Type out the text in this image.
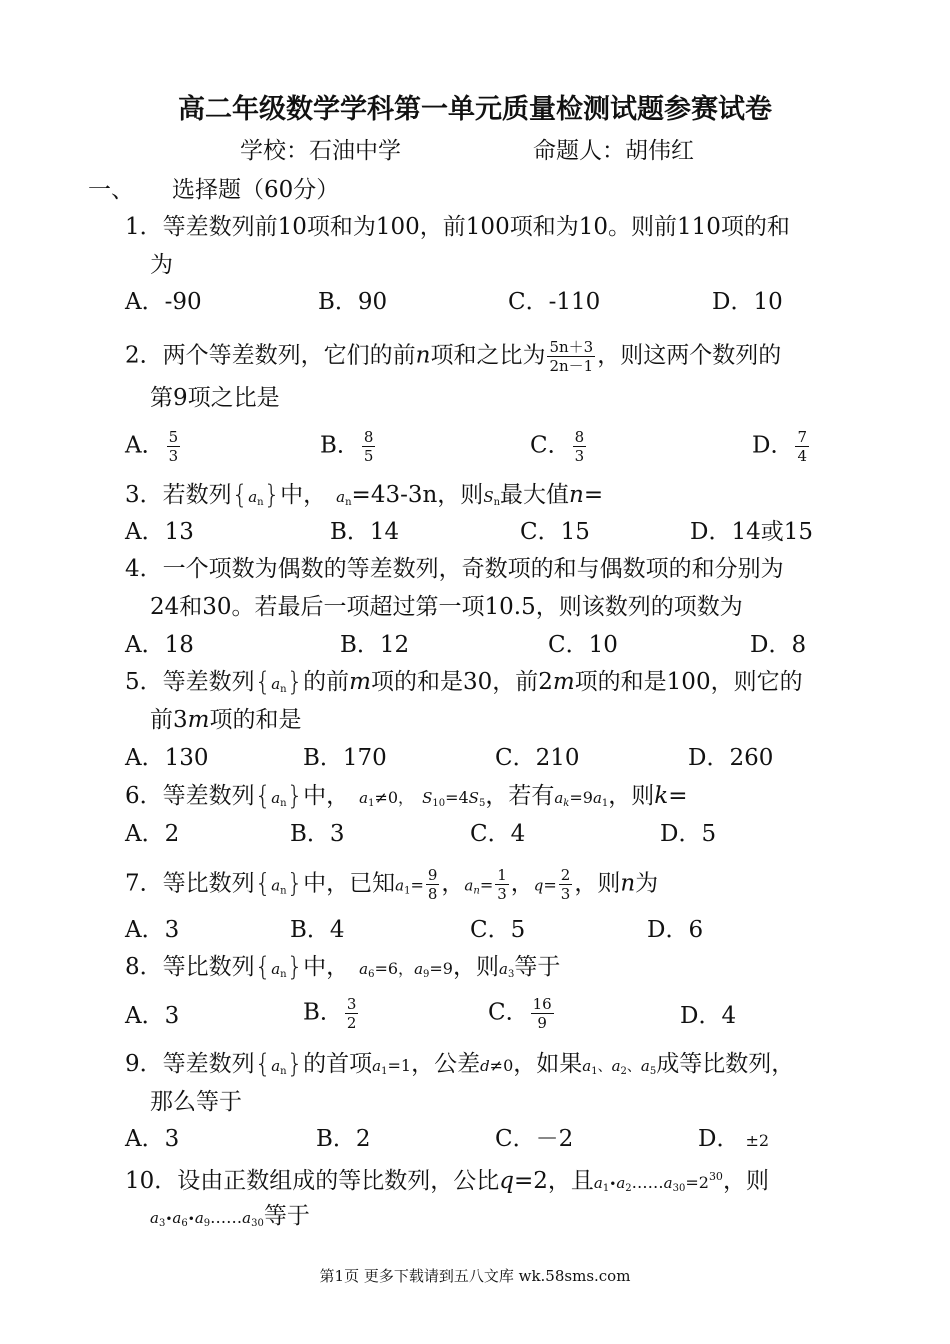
高二年级数学学科第一单元质量检测试题参赛试卷
学校：石油中学	命题人：胡伟红
一、 选择题（60分）
1．等差数列前10项和为100，前100项和为10。则前110项的和
为
A．-90	B．90	C．-110	D．10
2．两个等差数列，它们的前n项和之比为 $\frac{5n+3}{2n-1}$ ，则这两个数列的
第9项之比是
A． $\frac{5}{3}$	B． $\frac{8}{5}$	C． $\frac{8}{3}$	D． $\frac{7}{4}$
3．若数列$\{a_n\}$中， $a_n=43-3n$，则$S_n$最大值n=
A．13	B．14	C．15	D．14或15
4．一个项数为偶数的等差数列，奇数项的和与偶数项的和分别为
24和30。若最后一项超过第一项10.5，则该数列的项数为
A．18	B．12	C．10	D．8
5．等差数列$\{a_n\}$的前m项的和是30，前2m项的和是100，则它的
前3m项的和是
A．130	B．170	C．210	D．260
6．等差数列$\{a_n\}$中， $a_1\ne 0$， $S_{10}=4S_5$，若有$a_k=9a_1$，则k=
A．2	B．3	C．4	D．5
7．等比数列$\{a_n\}$中，已知$a_1= \frac{9}{8}$ ，$a_n= \frac{1}{3}$ ，$q= \frac{2}{3}$ ，则n为
A．3	B．4	C．5	D．6
8．等比数列$\{a_n\}$中， $a_6=6$，$a_9=9$，则$a_3$等于
A．3	B． $\frac{3}{2}$	C． $\frac{16}{9}$	D．4
9．等差数列$\{a_n\}$的首项$a_1=1$，公差d≠0，如果$a_1$、$a_2$、$a_5$成等比数列，
那么等于
A．3	B．2	C．－2	D． ±2
10．设由正数组成的等比数列，公比q=2，且$a_1•a_2\dots\dots a_{30}=2^{30}$，则
$a_3•a_6•a_9\dots\dots a_{30}$等于
第1页 更多下载请到五八文库 wk.58sms.com
